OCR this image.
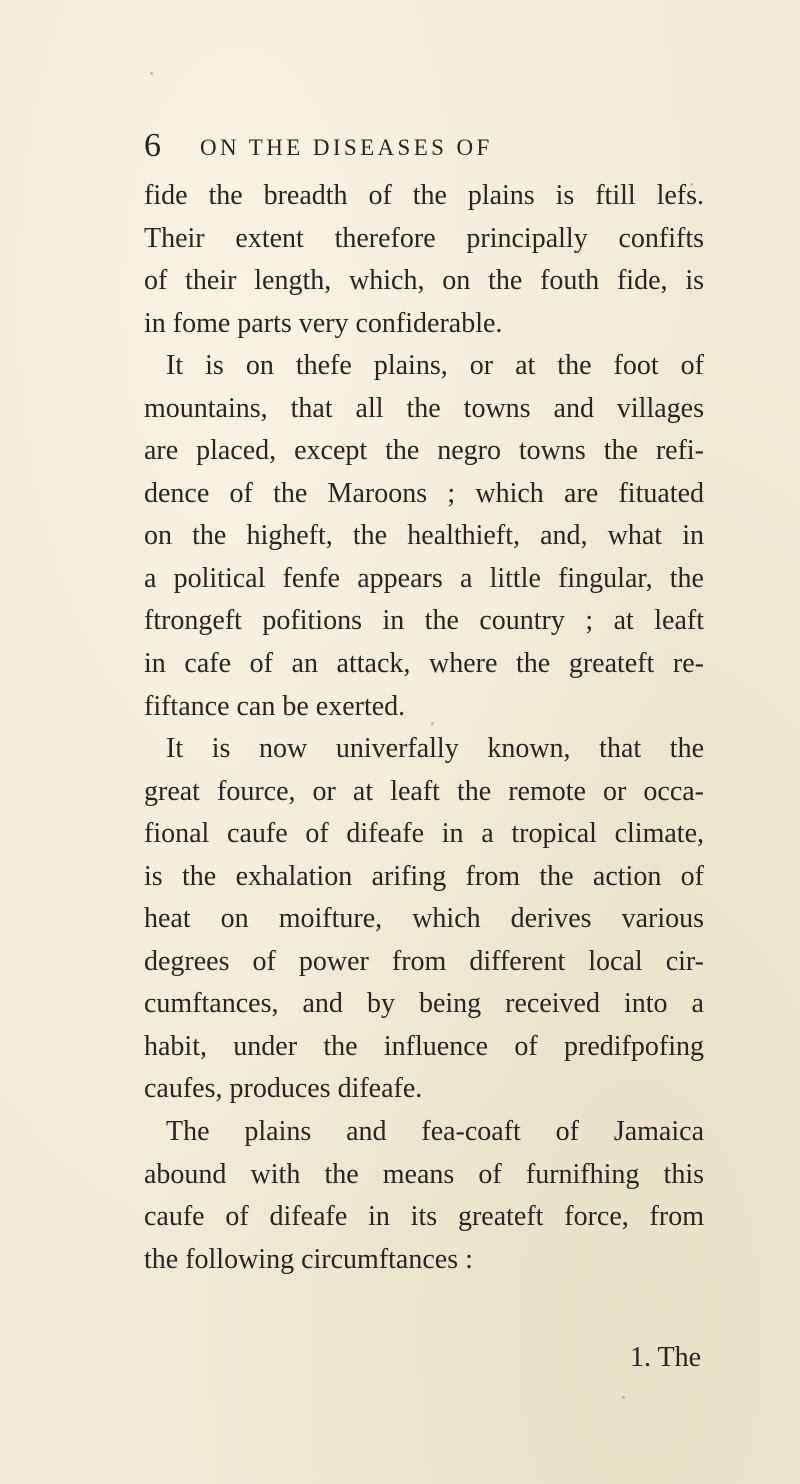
6 ON THE DISEASES OF
fide the breadth of the plains is ftill lefs.
Their extent therefore principally confifts
of their length, which, on the fouth fide, is
in fome parts very confiderable.
It is on thefe plains, or at the foot of
mountains, that all the towns and villages
are placed, except the negro towns the refi-
dence of the Maroons ; which are fituated
on the higheft, the healthieft, and, what in
a political fenfe appears a little fingular, the
ftrongeft pofitions in the country ; at leaft
in cafe of an attack, where the greateft re-
fiftance can be exerted.
It is now univerfally known, that the
great fource, or at leaft the remote or occa-
fional caufe of difeafe in a tropical climate,
is the exhalation arifing from the action of
heat on moifture, which derives various
degrees of power from different local cir-
cumftances, and by being received into a
habit, under the influence of predifpofing
caufes, produces difeafe.
The plains and fea-coaft of Jamaica
abound with the means of furnifhing this
caufe of difeafe in its greateft force, from
the following circumftances :
1. The
